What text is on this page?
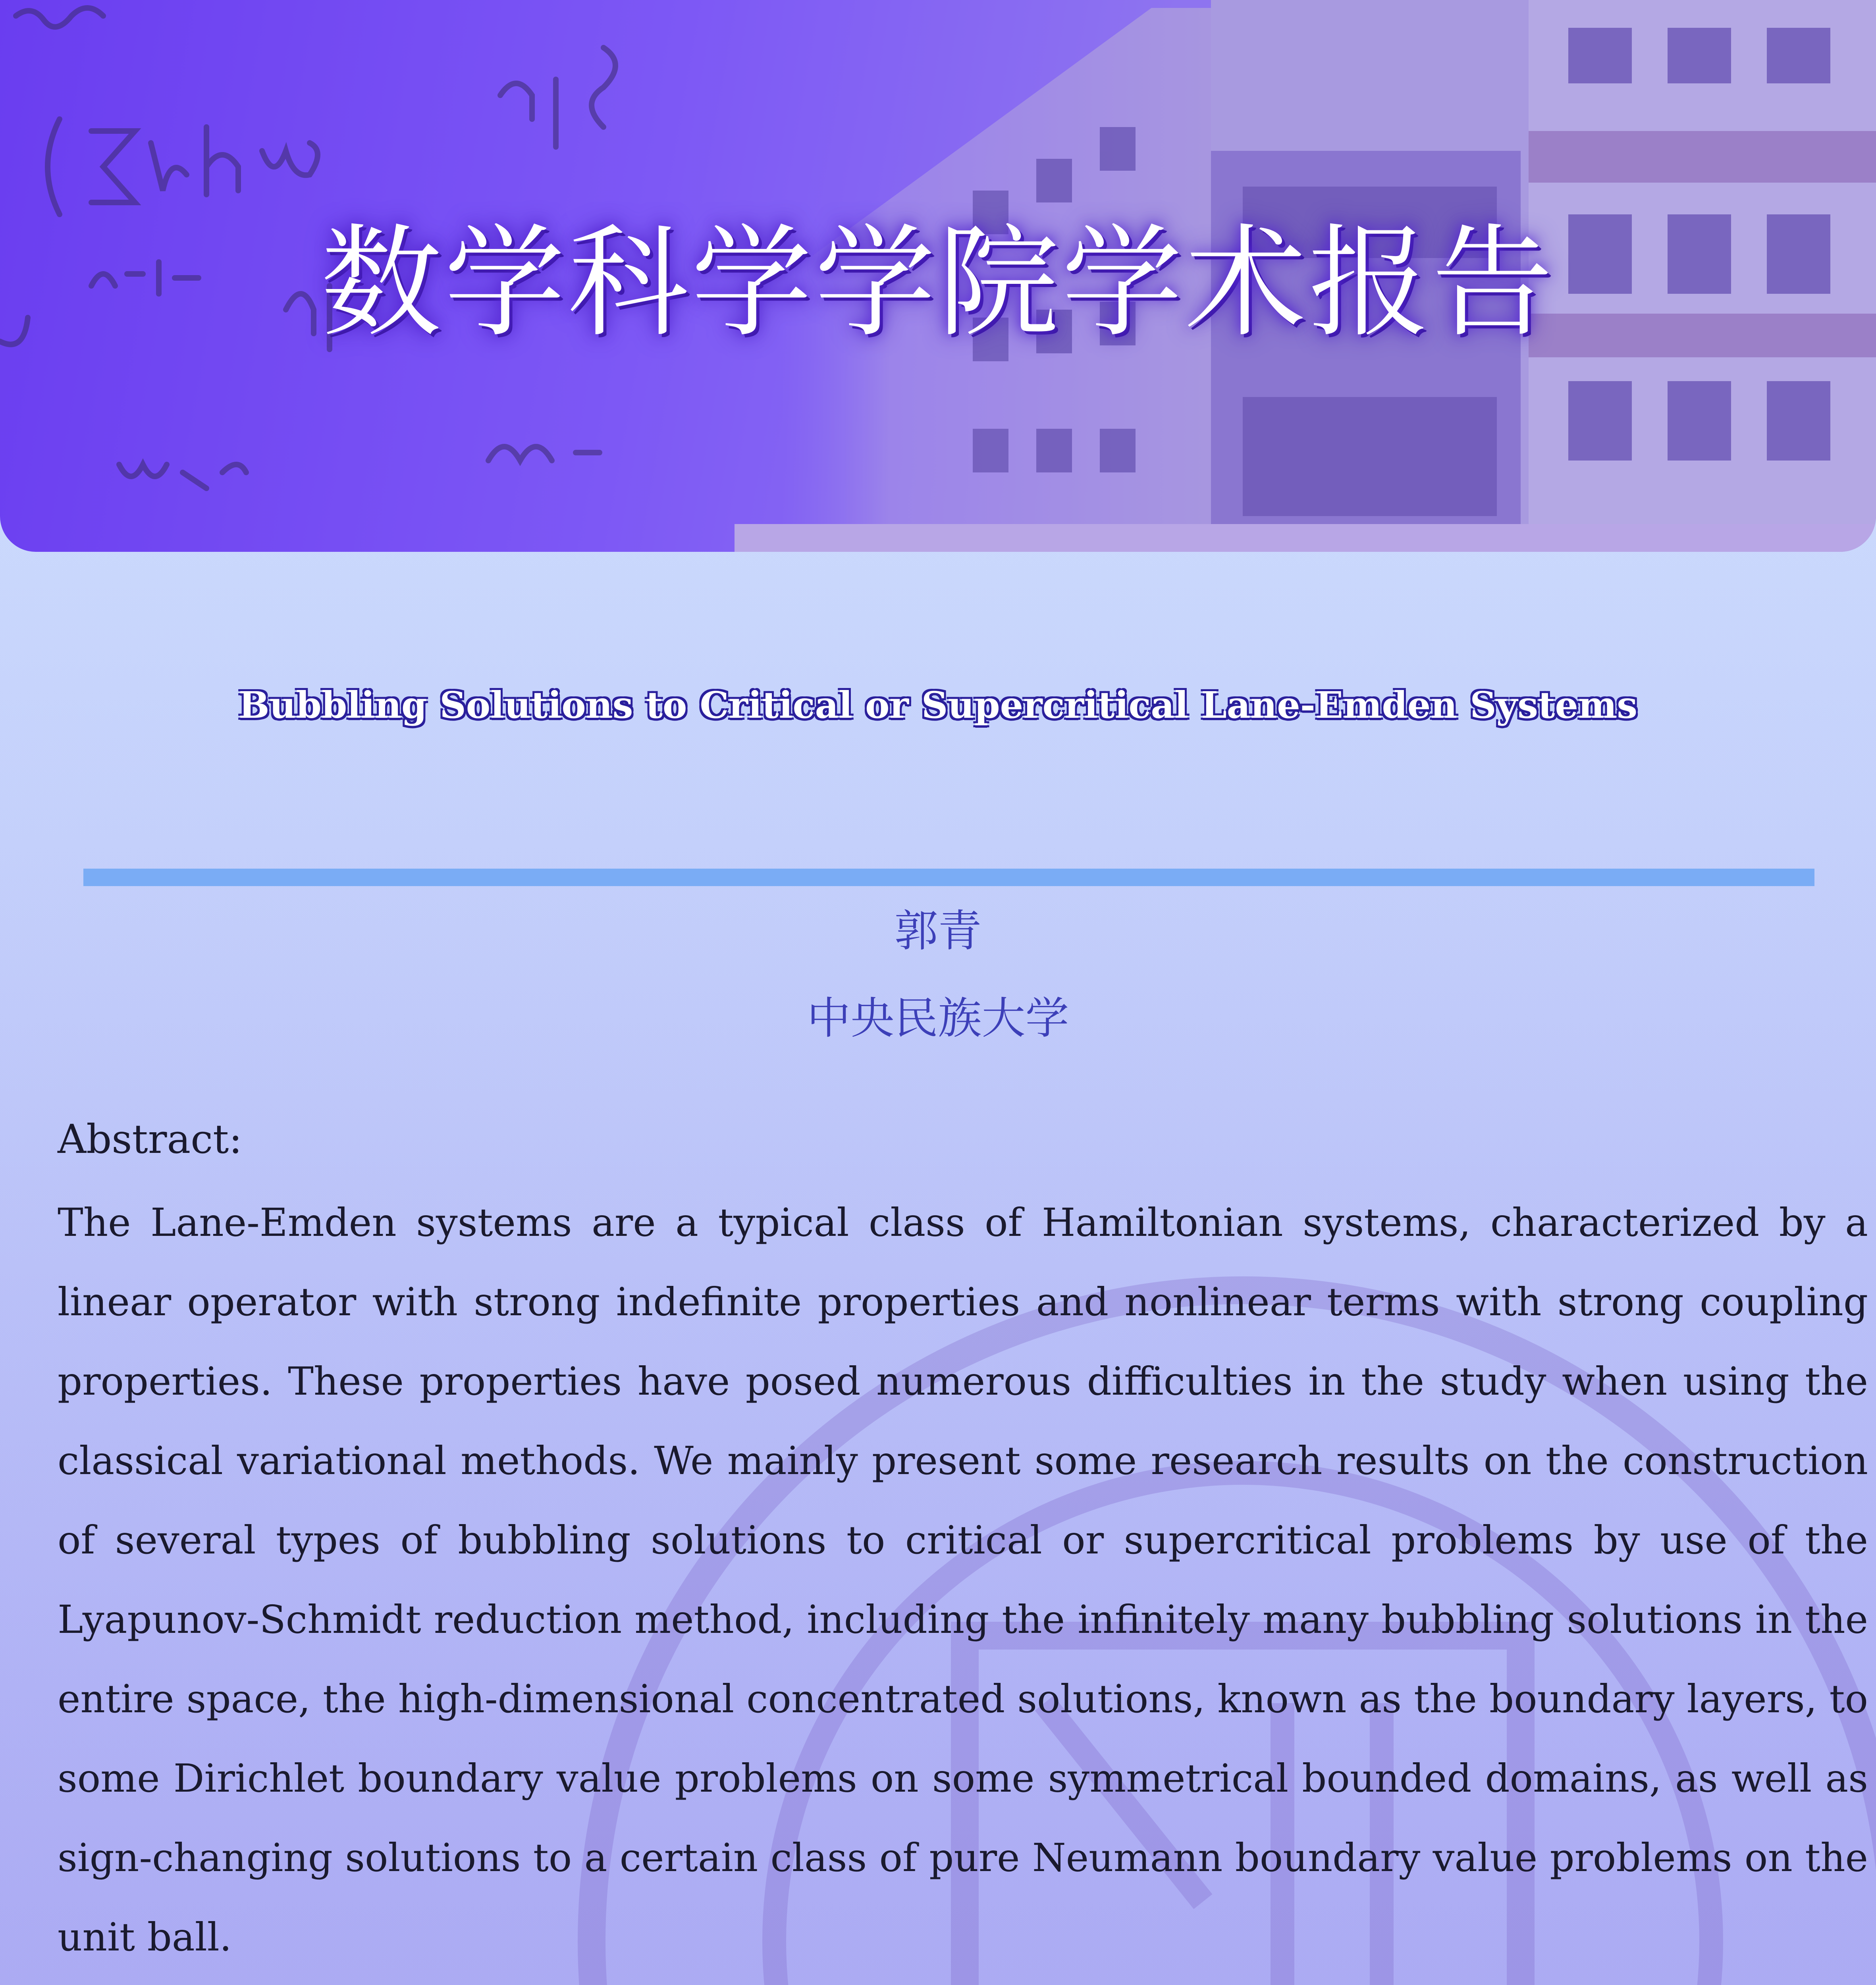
数学科学学院学术报告
Bubbling Solutions to Critical or Supercritical Lane-Emden Systems
郭青
中央民族大学
Abstract:
The Lane-Emden systems are a typical class of Hamiltonian systems, characterized by a linear operator with strong indefinite properties and nonlinear terms with strong coupling properties. These properties have posed numerous difficulties in the study when using the classical variational methods. We mainly present some research results on the construction of several types of bubbling solutions to critical or supercritical problems by use of the Lyapunov-Schmidt reduction method, including the infinitely many bubbling solutions in the entire space, the high-dimensional concentrated solutions, known as the boundary layers, to some Dirichlet boundary value problems on some symmetrical bounded domains, as well as sign-changing solutions to a certain class of pure Neumann boundary value problems on the unit ball.
